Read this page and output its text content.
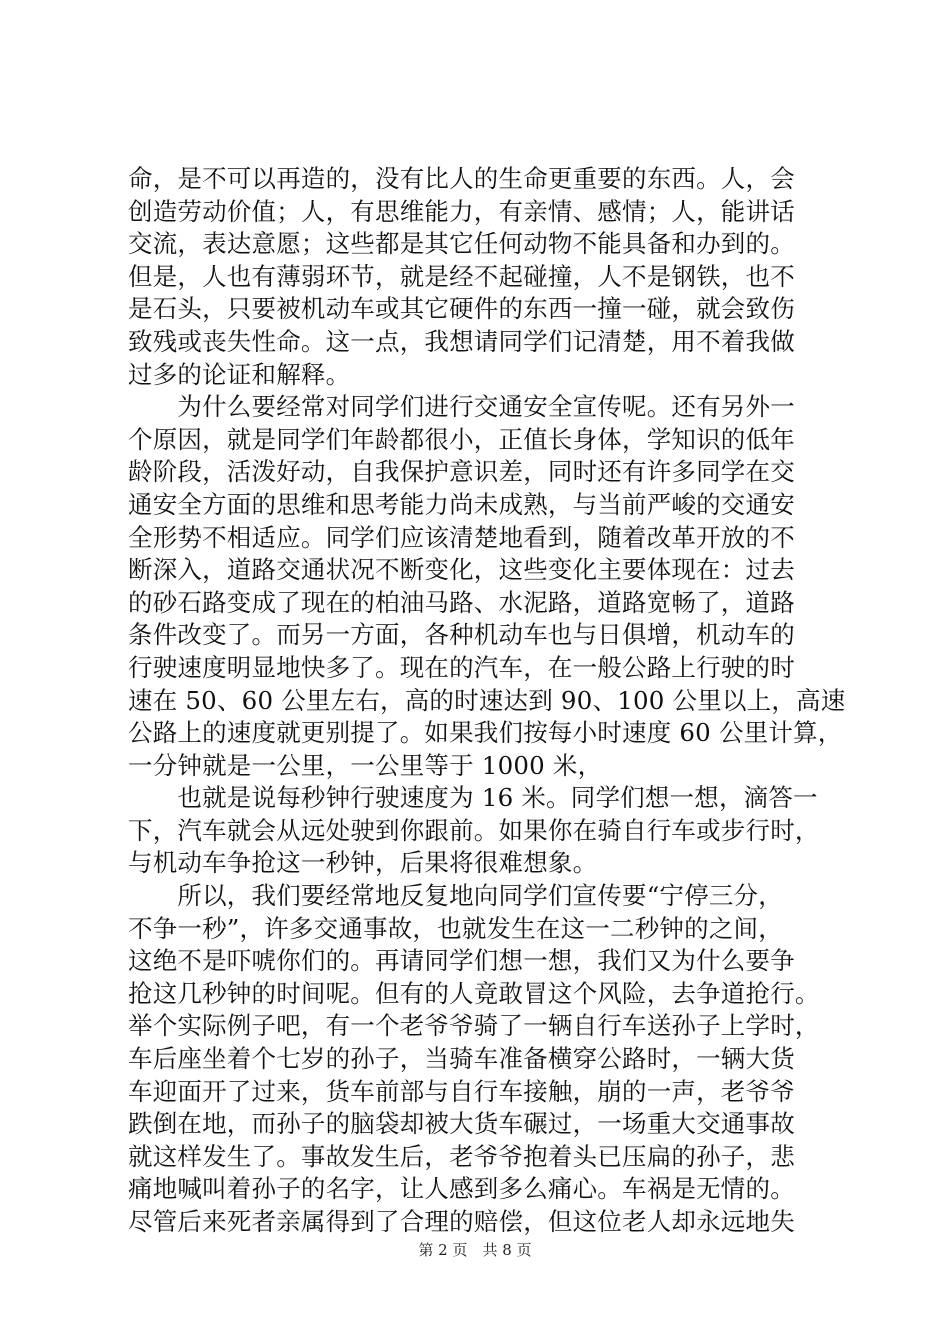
命，是不可以再造的，没有比人的生命更重要的东西。人，会
创造劳动价值；人，有思维能力，有亲情、感情；人，能讲话
交流，表达意愿；这些都是其它任何动物不能具备和办到的。
但是，人也有薄弱环节，就是经不起碰撞，人不是钢铁，也不
是石头，只要被机动车或其它硬件的东西一撞一碰，就会致伤
致残或丧失性命。这一点，我想请同学们记清楚，用不着我做
过多的论证和解释。
　　为什么要经常对同学们进行交通安全宣传呢。还有另外一
个原因，就是同学们年龄都很小，正值长身体，学知识的低年
龄阶段，活泼好动，自我保护意识差，同时还有许多同学在交
通安全方面的思维和思考能力尚未成熟，与当前严峻的交通安
全形势不相适应。同学们应该清楚地看到，随着改革开放的不
断深入，道路交通状况不断变化，这些变化主要体现在：过去
的砂石路变成了现在的柏油马路、水泥路，道路宽畅了，道路
条件改变了。而另一方面，各种机动车也与日俱增，机动车的
行驶速度明显地快多了。现在的汽车，在一般公路上行驶的时
速在 50、60 公里左右，高的时速达到 90、100 公里以上，高速
公路上的速度就更别提了。如果我们按每小时速度 60 公里计算，
一分钟就是一公里，一公里等于 1000 米，
　　也就是说每秒钟行驶速度为 16 米。同学们想一想，滴答一
下，汽车就会从远处驶到你跟前。如果你在骑自行车或步行时，
与机动车争抢这一秒钟，后果将很难想象。
　　所以，我们要经常地反复地向同学们宣传要“宁停三分，
不争一秒”，许多交通事故，也就发生在这一二秒钟的之间，
这绝不是吓唬你们的。再请同学们想一想，我们又为什么要争
抢这几秒钟的时间呢。但有的人竟敢冒这个风险，去争道抢行。
举个实际例子吧，有一个老爷爷骑了一辆自行车送孙子上学时，
车后座坐着个七岁的孙子，当骑车准备横穿公路时，一辆大货
车迎面开了过来，货车前部与自行车接触，崩的一声，老爷爷
跌倒在地，而孙子的脑袋却被大货车碾过，一场重大交通事故
就这样发生了。事故发生后，老爷爷抱着头已压扁的孙子，悲
痛地喊叫着孙子的名字，让人感到多么痛心。车祸是无情的。
尽管后来死者亲属得到了合理的赔偿，但这位老人却永远地失
第 2 页　共 8 页
